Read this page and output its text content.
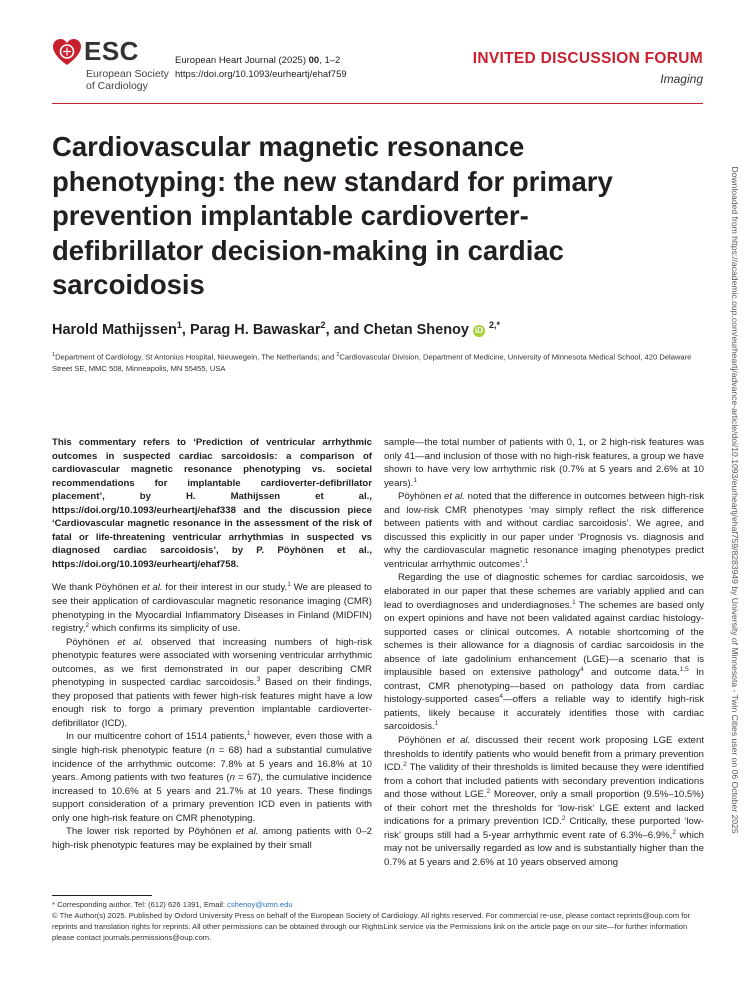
ESC
European Society
of Cardiology
European Heart Journal (2025) 00, 1–2
https://doi.org/10.1093/eurheartj/ehaf759
INVITED DISCUSSION FORUM
Imaging
Cardiovascular magnetic resonance phenotyping: the new standard for primary prevention implantable cardioverter-defibrillator decision-making in cardiac sarcoidosis
Harold Mathijssen$^1$, Parag H. Bawaskar$^2$, and Chetan Shenoy iD $^{2,*}$
$^1$Department of Cardiology, St Antonius Hospital, Nieuwegein, The Netherlands; and $^2$Cardiovascular Division, Department of Medicine, University of Minnesota Medical School, 420 Delaware Street SE, MMC 508, Minneapolis, MN 55455, USA

This commentary refers to ‘Prediction of ventricular arrhythmic outcomes in suspected cardiac sarcoidosis: a comparison of cardiovascular magnetic resonance phenotyping vs. societal recommendations for implantable cardioverter-defibrillator placement’, by H. Mathijssen et al., https://doi.org/10.1093/eurheartj/ehaf338 and the discussion piece ‘Cardiovascular magnetic resonance in the assessment of the risk of fatal or life-threatening ventricular arrhythmias in suspected vs diagnosed cardiac sarcoidosis’, by P. Pöyhönen et al., https://doi.org/10.1093/eurheartj/ehaf758.

We thank Pöyhönen et al. for their interest in our study.$^1$ We are pleased to see their application of cardiovascular magnetic resonance imaging (CMR) phenotyping in the Myocardial Inflammatory Diseases in Finland (MIDFIN) registry,$^2$ which confirms its simplicity of use.

Pöyhönen et al. observed that increasing numbers of high-risk phenotypic features were associated with worsening ventricular arrhythmic outcomes, as we first demonstrated in our paper describing CMR phenotyping in suspected cardiac sarcoidosis.$^3$ Based on their findings, they proposed that patients with fewer high-risk features might have a low enough risk to forgo a primary prevention implantable cardioverter-defibrillator (ICD).

In our multicentre cohort of 1514 patients,$^1$ however, even those with a single high-risk phenotypic feature (n = 68) had a substantial cumulative incidence of the arrhythmic outcome: 7.8% at 5 years and 16.8% at 10 years. Among patients with two features (n = 67), the cumulative incidence increased to 10.6% at 5 years and 21.7% at 10 years. These findings support consideration of a primary prevention ICD even in patients with only one high-risk feature on CMR phenotyping.

The lower risk reported by Pöyhönen et al. among patients with 0–2 high-risk phenotypic features may be explained by their small

sample—the total number of patients with 0, 1, or 2 high-risk features was only 41—and inclusion of those with no high-risk features, a group we have shown to have very low arrhythmic risk (0.7% at 5 years and 2.6% at 10 years).$^1$

Pöyhönen et al. noted that the difference in outcomes between high-risk and low-risk CMR phenotypes ‘may simply reflect the risk difference between patients with and without cardiac sarcoidosis’. We agree, and discussed this explicitly in our paper under ‘Prognosis vs. diagnosis and why the cardiovascular magnetic resonance imaging phenotypes predict ventricular arrhythmic outcomes’.$^1$

Regarding the use of diagnostic schemes for cardiac sarcoidosis, we elaborated in our paper that these schemes are variably applied and can lead to overdiagnoses and underdiagnoses.$^1$ The schemes are based only on expert opinions and have not been validated against cardiac histology-supported cases or clinical outcomes. A notable shortcoming of the schemes is their allowance for a diagnosis of cardiac sarcoidosis in the absence of late gadolinium enhancement (LGE)—a scenario that is implausible based on extensive pathology$^4$ and outcome data.$^{1,5}$ In contrast, CMR phenotyping—based on pathology data from cardiac histology-supported cases$^4$—offers a reliable way to identify high-risk patients, likely because it accurately identifies those with cardiac sarcoidosis.$^1$

Pöyhönen et al. discussed their recent work proposing LGE extent thresholds to identify patients who would benefit from a primary prevention ICD.$^2$ The validity of their thresholds is limited because they were identified from a cohort that included patients with secondary prevention indications and those without LGE.$^2$ Moreover, only a small proportion (9.5%–10.5%) of their cohort met the thresholds for ‘low-risk’ LGE extent and lacked indications for a primary prevention ICD.$^2$ Critically, these purported ‘low-risk’ groups still had a 5-year arrhythmic event rate of 6.3%–6.9%,$^2$ which may not be universally regarded as low and is substantially higher than the 0.7% at 5 years and 2.6% at 10 years observed among

* Corresponding author. Tel: (612) 626 1391, Email: cshenoy@umn.edu
© The Author(s) 2025. Published by Oxford University Press on behalf of the European Society of Cardiology. All rights reserved. For commercial re-use, please contact reprints@oup.com for reprints and translation rights for reprints. All other permissions can be obtained through our RightsLink service via the Permissions link on the article page on our site—for further information please contact journals.permissions@oup.com.
Downloaded from https://academic.oup.com/eurheartj/advance-article/doi/10.1093/eurheartj/ehaf759/8283949 by University of Minnesota - Twin Cities user on 06 October 2025
